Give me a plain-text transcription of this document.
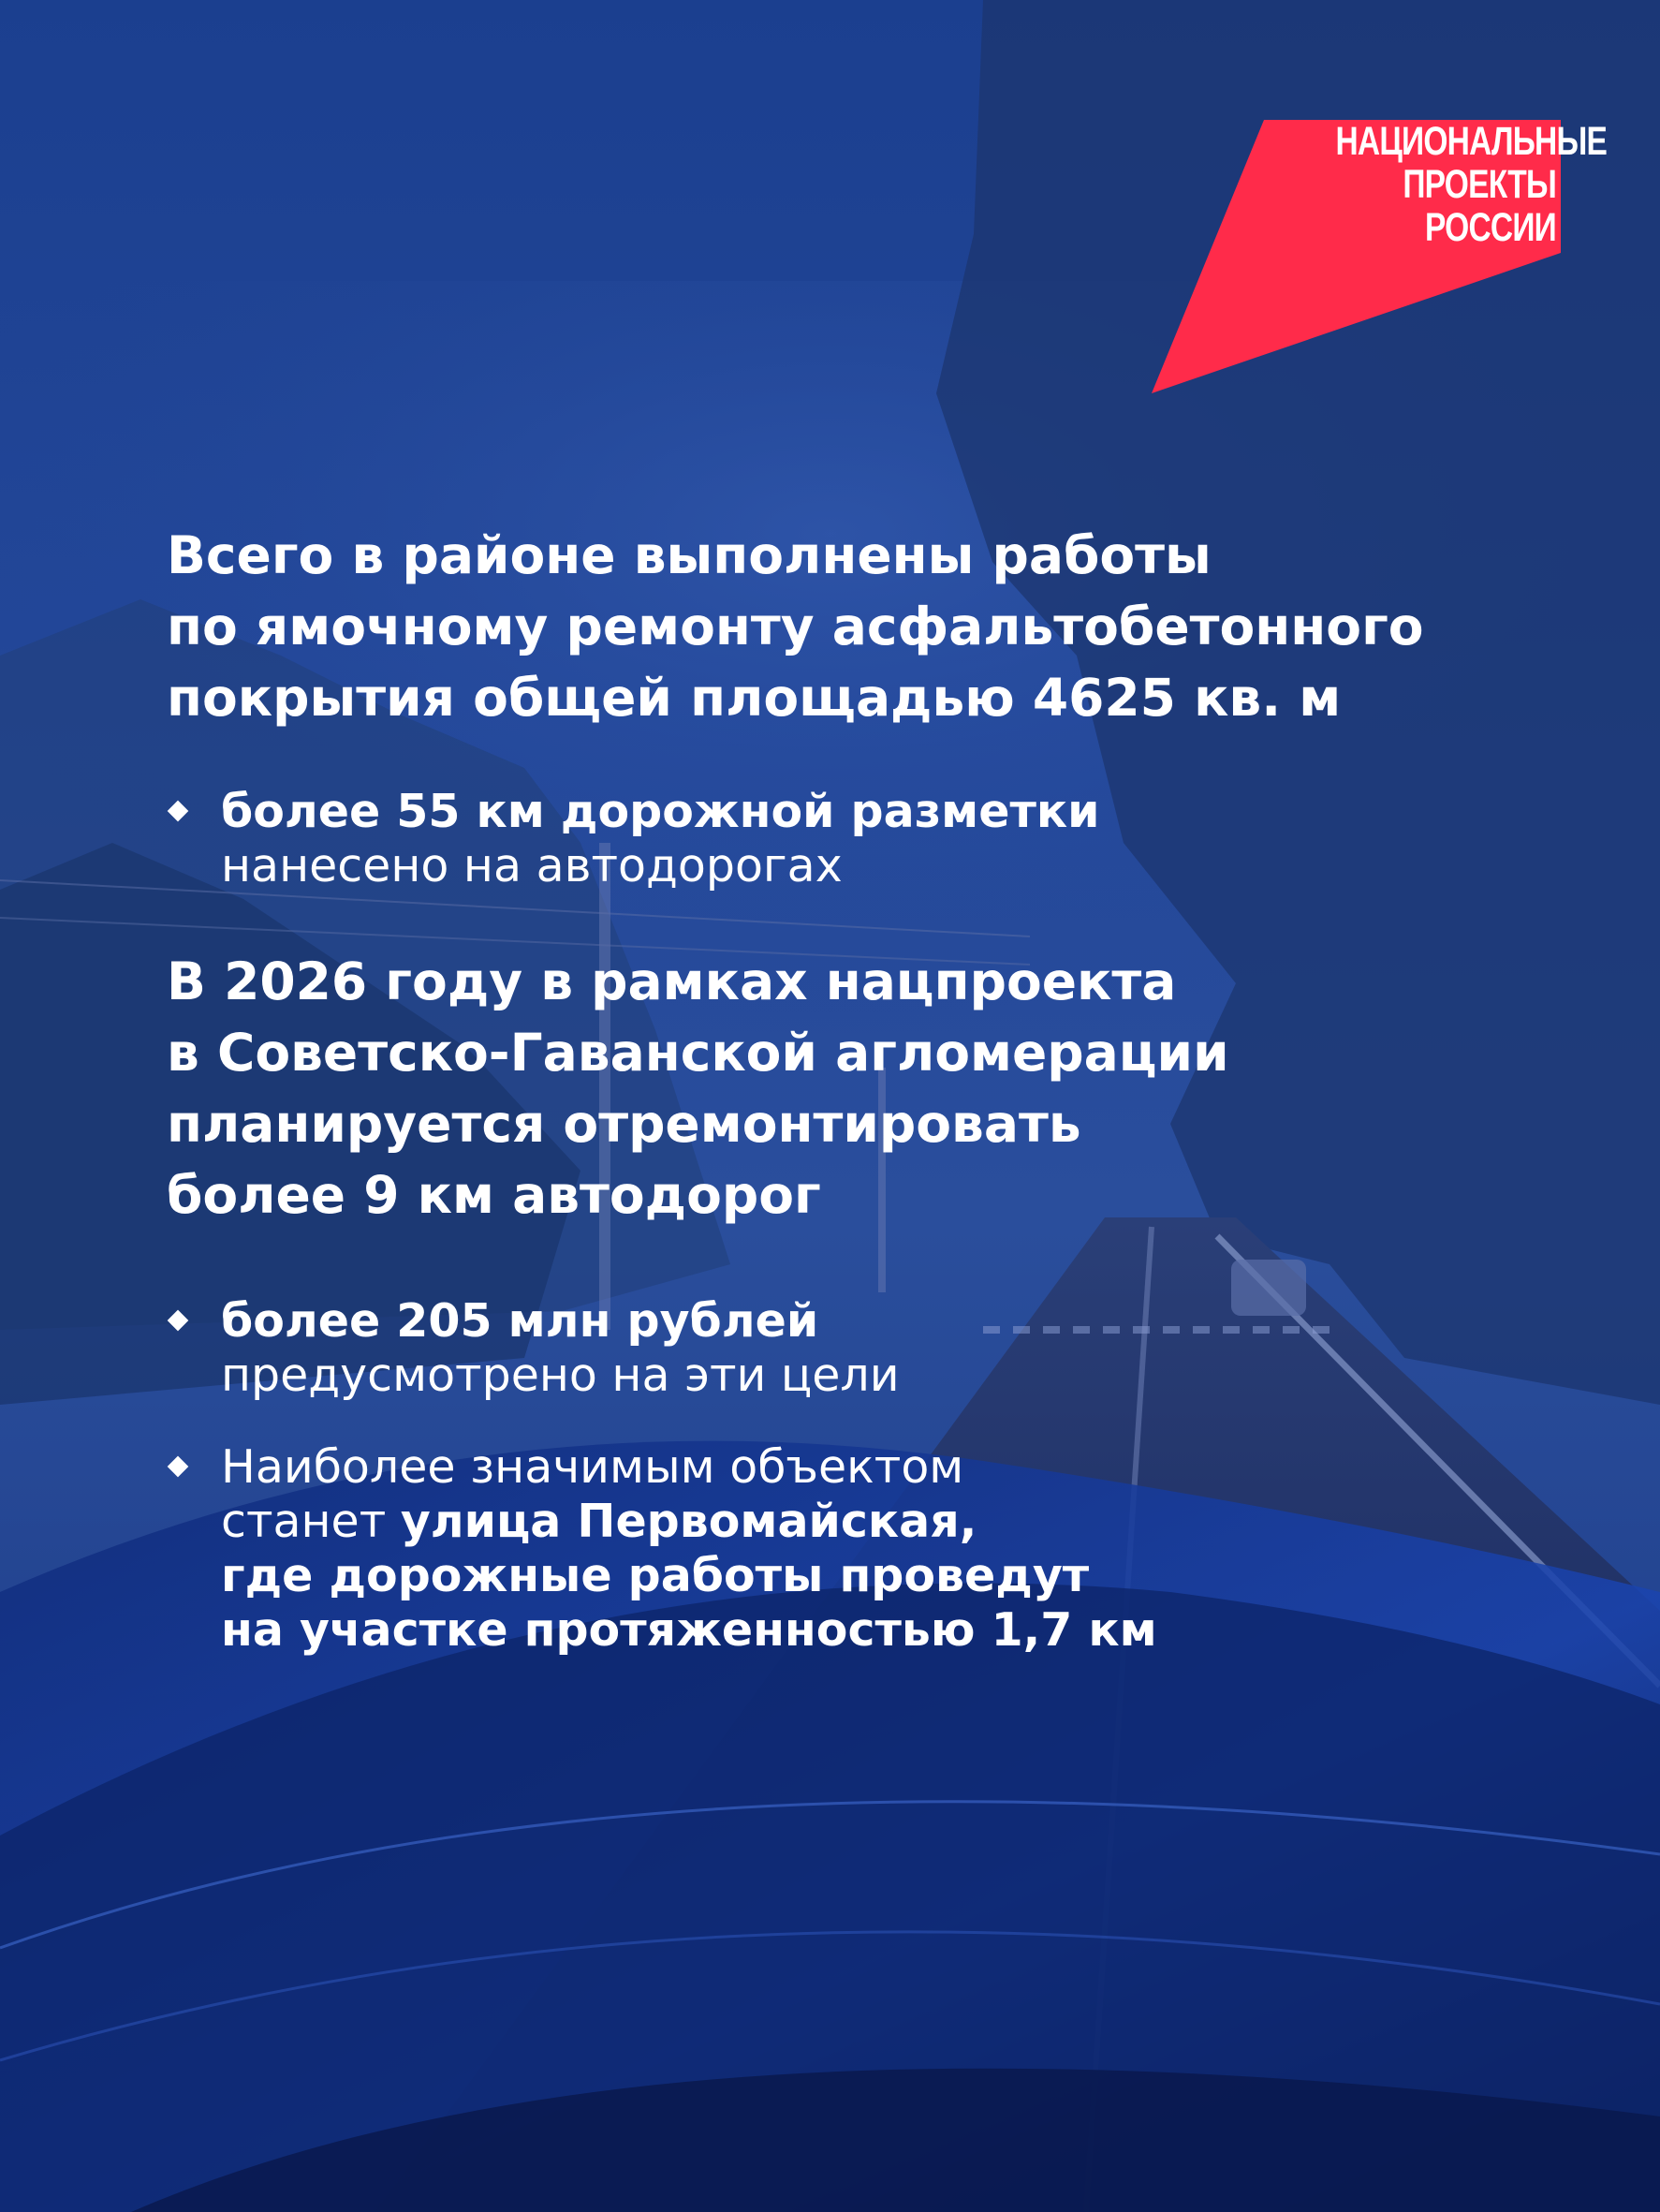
НАЦИОНАЛЬНЫЕ
ПРОЕКТЫ
РОССИИ
Всего в районе выполнены работы
по ямочному ремонту асфальтобетонного
покрытия общей площадью 4625 кв. м
более 55 км дорожной разметки
нанесено на автодорогах
В 2026 году в рамках нацпроекта
в Советско-Гаванской агломерации
планируется отремонтировать
более 9 км автодорог
более 205 млн рублей
предусмотрено на эти цели
Наиболее значимым объектом
станет улица Первомайская,
где дорожные работы проведут
на участке протяженностью 1,7 км
